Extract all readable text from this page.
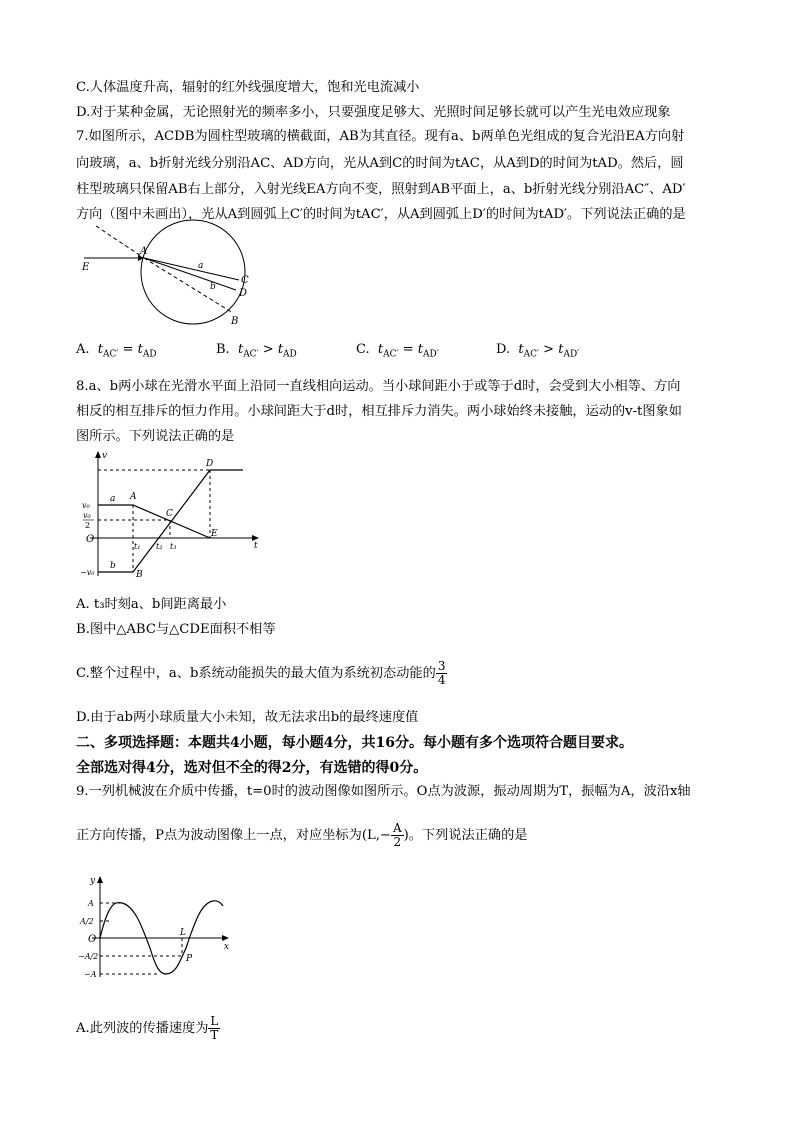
C.人体温度升高，辐射的红外线强度增大，饱和光电流减小
D.对于某种金属，无论照射光的频率多小，只要强度足够大、光照时间足够长就可以产生光电效应现象
7.如图所示，ACDB为圆柱型玻璃的横截面，AB为其直径。现有a、b两单色光组成的复合光沿EA方向射
向玻璃，a、b折射光线分别沿AC、AD方向，光从A到C的时间为tAC，从A到D的时间为tAD。然后，圆
柱型玻璃只保留AB右上部分，入射光线EA方向不变，照射到AB平面上，a、b折射光线分别沿AC″、AD′
方向（图中未画出），光从A到圆弧上C′的时间为tAC′，从A到圆弧上D′的时间为tAD′。下列说法正确的是
E
A
a
b
C
D
B
A. $t_{AC'} = t_{AD}$	B. $t_{AC'} > t_{AD}$	C. $t_{AC'} = t_{AD'}$	D. $t_{AC'} > t_{AD'}$
8.a、b两小球在光滑水平面上沿同一直线相向运动。当小球间距小于或等于d时，会受到大小相等、方向
相反的相互排斥的恒力作用。小球间距大于d时，相互排斥力消失。两小球始终未接触，运动的v-t图象如
图所示。下列说法正确的是
v
t
O
v₀
v₀
2
−v₀
a
b
A
B
C
D
E
t₁ t₂ t₃
A. t₃时刻a、b间距离最小
B.图中△ABC与△CDE面积不相等
C.整个过程中，a、b系统动能损失的最大值为系统初态动能的 $\frac{3}{4}$
D.由于ab两小球质量大小未知，故无法求出b的最终速度值
二、多项选择题：本题共4小题，每小题4分，共16分。每小题有多个选项符合题目要求。
全部选对得4分，选对但不全的得2分，有选错的得0分。
9.一列机械波在介质中传播，t=0时的波动图像如图所示。O点为波源，振动周期为T，振幅为A，波沿x轴
正方向传播，P点为波动图像上一点，对应坐标为($L,- \frac{A}{2}$ )。下列说法正确的是
y
x
O
A
A/2
−A/2
−A
L
P
A.此列波的传播速度为 $\frac{L}{T}$
